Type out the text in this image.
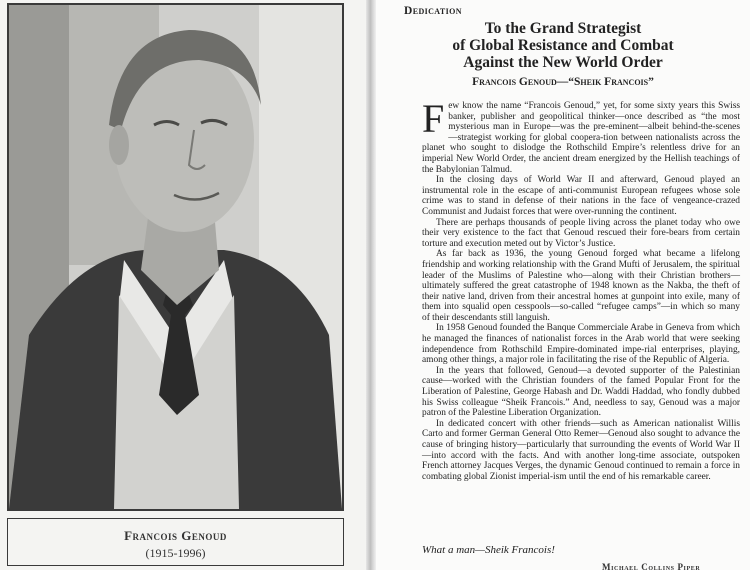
Francois Genoud
(1915-1996)
Dedication
To the Grand Strategist
of Global Resistance and Combat
Against the New World Order
Francois Genoud—“Sheik Francois”

Few know the name “Francois Genoud,” yet, for some sixty years this Swiss banker, publisher and geopolitical thinker—once described as “the most mysterious man in Europe—was the pre-eminent—albeit behind-the-scenes—strategist working for global coopera-tion between nationalists across the planet who sought to dislodge the Rothschild Empire’s relentless drive for an imperial New World Order, the ancient dream energized by the Hellish teachings of the Babylonian Talmud.

In the closing days of World War II and afterward, Genoud played an instrumental role in the escape of anti-communist European refugees whose sole crime was to stand in defense of their nations in the face of vengeance-crazed Communist and Judaist forces that were over-running the continent.

There are perhaps thousands of people living across the planet today who owe their very existence to the fact that Genoud rescued their fore-bears from certain torture and execution meted out by Victor’s Justice.

As far back as 1936, the young Genoud forged what became a lifelong friendship and working relationship with the Grand Mufti of Jerusalem, the spiritual leader of the Muslims of Palestine who—along with their Christian brothers—ultimately suffered the great catastrophe of 1948 known as the Nakba, the theft of their native land, driven from their ancestral homes at gunpoint into exile, many of them into squalid open cesspools—so-called “refugee camps”—in which so many of their descendants still languish.

In 1958 Genoud founded the Banque Commerciale Arabe in Geneva from which he managed the finances of nationalist forces in the Arab world that were seeking independence from Rothschild Empire-dominated impe-rial enterprises, playing, among other things, a major role in facilitating the rise of the Republic of Algeria.

In the years that followed, Genoud—a devoted supporter of the Palestinian cause—worked with the Christian founders of the famed Popular Front for the Liberation of Palestine, George Habash and Dr. Waddi Haddad, who fondly dubbed his Swiss colleague “Sheik Francois.” And, needless to say, Genoud was a major patron of the Palestine Liberation Organization.

In dedicated concert with other friends—such as American nationalist Willis Carto and former German General Otto Remer—Genoud also sought to advance the cause of bringing history—particularly that surrounding the events of World War II—into accord with the facts. And with another long-time associate, outspoken French attorney Jacques Verges, the dynamic Genoud continued to remain a force in combating global Zionist imperial-ism until the end of his remarkable career.

What a man—Sheik Francois!
Michael Collins Piper
